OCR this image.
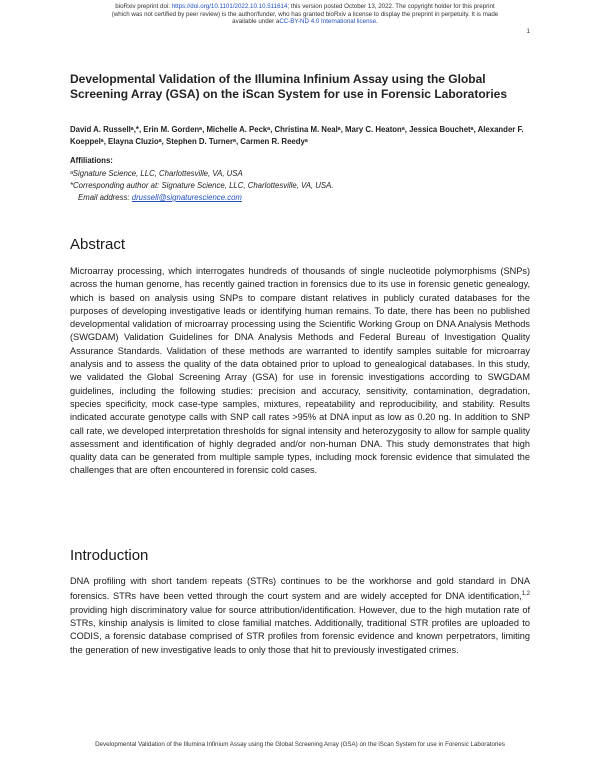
bioRxiv preprint doi: https://doi.org/10.1101/2022.10.10.511614; this version posted October 13, 2022. The copyright holder for this preprint
(which was not certified by peer review) is the author/funder, who has granted bioRxiv a license to display the preprint in perpetuity. It is made
available under aCC-BY-ND 4.0 International license.
1
Developmental Validation of the Illumina Infinium Assay using the Global Screening Array (GSA) on the iScan System for use in Forensic Laboratories
David A. Russellᵃ,*, Erin M. Gordenᵃ, Michelle A. Peckᵃ, Christina M. Nealᵃ, Mary C. Heatonᵃ, Jessica Bouchetᵃ, Alexander F. Koeppelᵃ, Elayna Cluzioᵃ, Stephen D. Turnerᵃ, Carmen R. Reedyᵃ
Affiliations:
ᵃSignature Science, LLC, Charlottesville, VA, USA
*Corresponding author at: Signature Science, LLC, Charlottesville, VA, USA.
Email address: drussell@signaturescience.com
Abstract
Microarray processing, which interrogates hundreds of thousands of single nucleotide polymorphisms (SNPs) across the human genome, has recently gained traction in forensics due to its use in forensic genetic genealogy, which is based on analysis using SNPs to compare distant relatives in publicly curated databases for the purposes of developing investigative leads or identifying human remains. To date, there has been no published developmental validation of microarray processing using the Scientific Working Group on DNA Analysis Methods (SWGDAM) Validation Guidelines for DNA Analysis Methods and Federal Bureau of Investigation Quality Assurance Standards. Validation of these methods are warranted to identify samples suitable for microarray analysis and to assess the quality of the data obtained prior to upload to genealogical databases. In this study, we validated the Global Screening Array (GSA) for use in forensic investigations according to SWGDAM guidelines, including the following studies: precision and accuracy, sensitivity, contamination, degradation, species specificity, mock case-type samples, mixtures, repeatability and reproducibility, and stability. Results indicated accurate genotype calls with SNP call rates >95% at DNA input as low as 0.20 ng. In addition to SNP call rate, we developed interpretation thresholds for signal intensity and heterozygosity to allow for sample quality assessment and identification of highly degraded and/or non-human DNA. This study demonstrates that high quality data can be generated from multiple sample types, including mock forensic evidence that simulated the challenges that are often encountered in forensic cold cases.
Introduction
DNA profiling with short tandem repeats (STRs) continues to be the workhorse and gold standard in DNA forensics. STRs have been vetted through the court system and are widely accepted for DNA identification,$^{1,2}$ providing high discriminatory value for source attribution/identification. However, due to the high mutation rate of STRs, kinship analysis is limited to close familial matches. Additionally, traditional STR profiles are uploaded to CODIS, a forensic database comprised of STR profiles from forensic evidence and known perpetrators, limiting the generation of new investigative leads to only those that hit to previously investigated crimes.
Developmental Validation of the Illumina Infinium Assay using the Global Screening Array (GSA) on the iScan System for use in Forensic Laboratories
